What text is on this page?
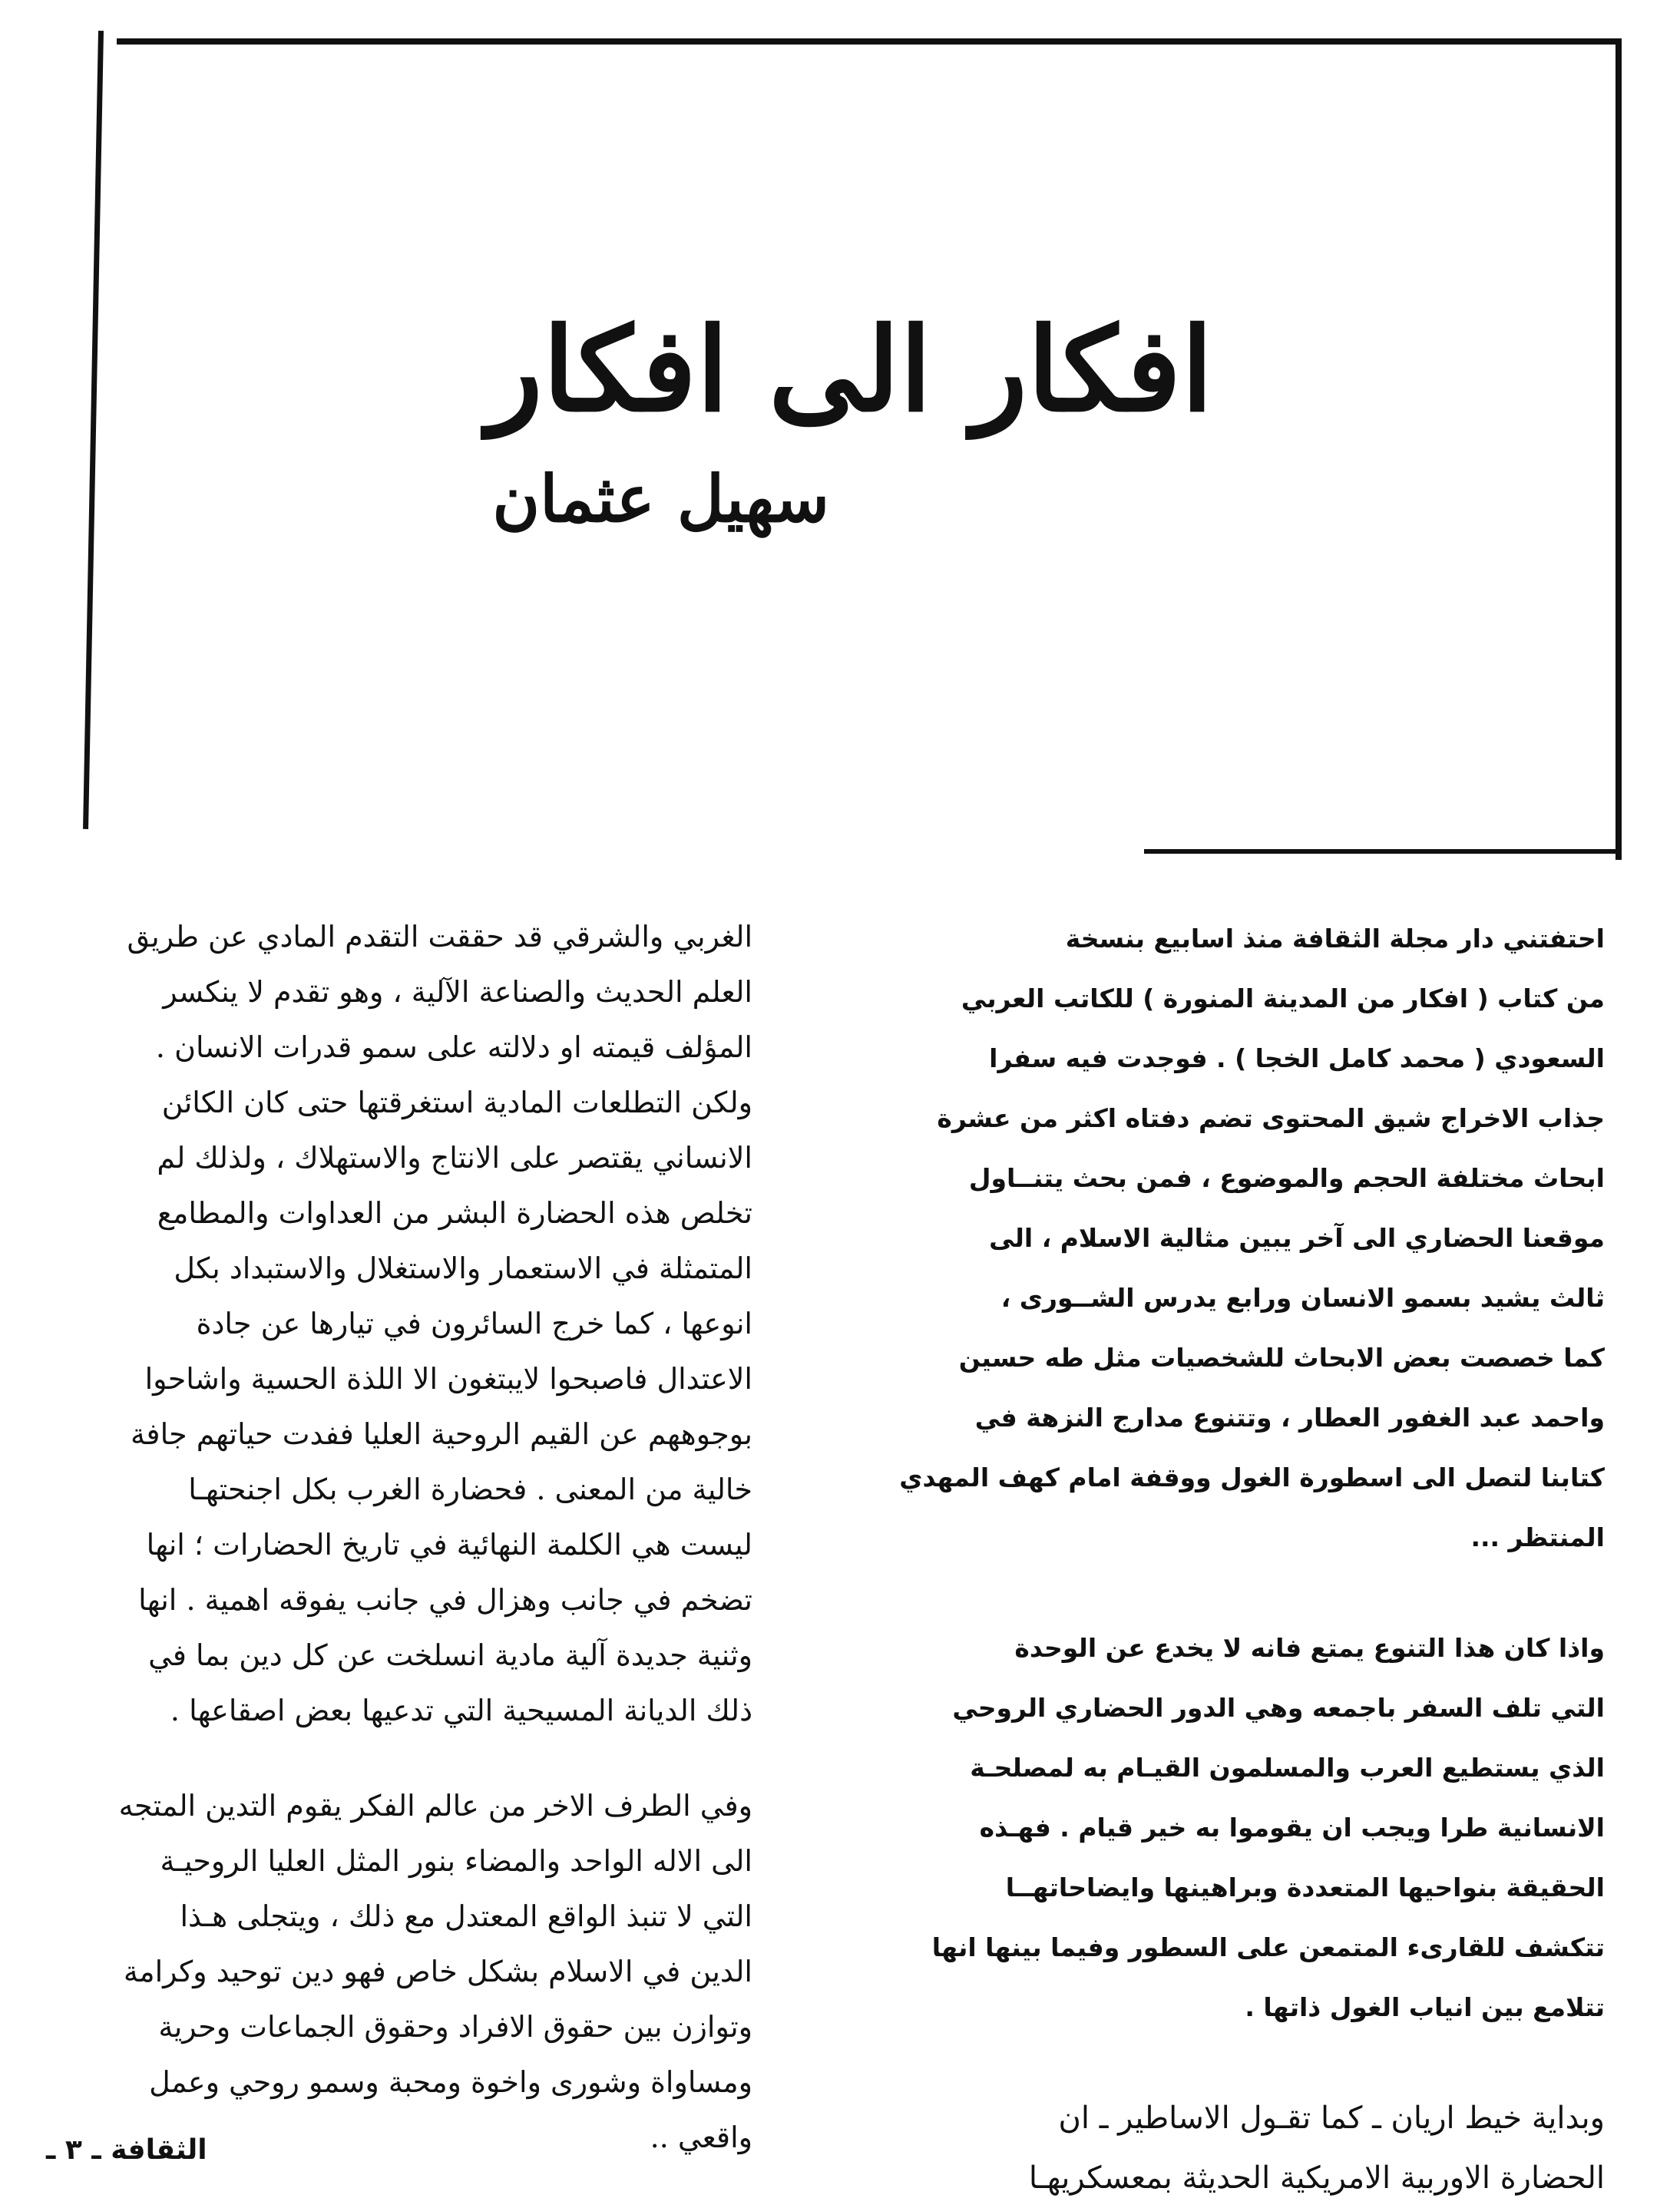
افكار الى افكار
سهيل عثمان
احتفتني دار مجلة الثقافة منذ اسابيع بنسخة
من كتاب ( افكار من المدينة المنورة ) للكاتب العربي
السعودي ( محمد كامل الخجا ) . فوجدت فيه سفرا
جذاب الاخراج شيق المحتوى تضم دفتاه اكثر من عشرة
ابحاث مختلفة الحجم والموضوع ، فمن بحث يتنــاول
موقعنا الحضاري الى آخر يبين مثالية الاسلام ، الى
ثالث يشيد بسمو الانسان ورابع يدرس الشــورى ،
كما خصصت بعض الابحاث للشخصيات مثل طه حسين
واحمد عبد الغفور العطار ، وتتنوع مدارج النزهة في
كتابنا لتصل الى اسطورة الغول ووقفة امام كهف المهدي
المنتظر ...
واذا كان هذا التنوع يمتع فانه لا يخدع عن الوحدة
التي تلف السفر باجمعه وهي الدور الحضاري الروحي
الذي يستطيع العرب والمسلمون القيـام به لمصلحـة
الانسانية طرا ويجب ان يقوموا به خير قيام . فهـذه
الحقيقة بنواحيها المتعددة وبراهينها وايضاحاتهــا
تتكشف للقارىء المتمعن على السطور وفيما بينها انها
تتلامع بين انياب الغول ذاتها .
وبداية خيط اريان ـ كما تقـول الاساطير ـ ان
الحضارة الاوربية الامريكية الحديثة بمعسكريهـا
الغربي والشرقي قد حققت التقدم المادي عن طريق
العلم الحديث والصناعة الآلية ، وهو تقدم لا ينكسر
المؤلف قيمته او دلالته على سمو قدرات الانسان .
ولكن التطلعات المادية استغرقتها حتى كان الكائن
الانساني يقتصر على الانتاج والاستهلاك ، ولذلك لم
تخلص هذه الحضارة البشر من العداوات والمطامع
المتمثلة في الاستعمار والاستغلال والاستبداد بكل
انوعها ، كما خرج السائرون في تيارها عن جادة
الاعتدال فاصبحوا لايبتغون الا اللذة الحسية واشاحوا
بوجوههم عن القيم الروحية العليا ففدت حياتهم جافة
خالية من المعنى . فحضارة الغرب بكل اجنحتهـا
ليست هي الكلمة النهائية في تاريخ الحضارات ؛ انها
تضخم في جانب وهزال في جانب يفوقه اهمية . انها
وثنية جديدة آلية مادية انسلخت عن كل دين بما في
ذلك الديانة المسيحية التي تدعيها بعض اصقاعها .
وفي الطرف الاخر من عالم الفكر يقوم التدين المتجه
الى الاله الواحد والمضاء بنور المثل العليا الروحيـة
التي لا تنبذ الواقع المعتدل مع ذلك ، ويتجلى هـذا
الدين في الاسلام بشكل خاص فهو دين توحيد وكرامة
وتوازن بين حقوق الافراد وحقوق الجماعات وحرية
ومساواة وشورى واخوة ومحبة وسمو روحي وعمل
واقعي ..
الثقافة ـ ٣ ـ
